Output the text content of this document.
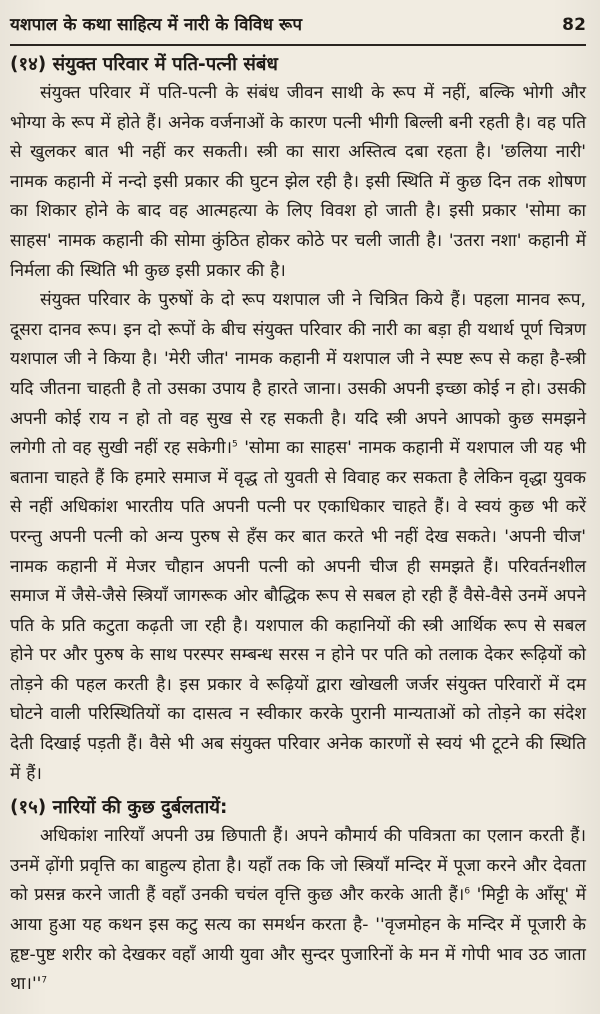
यशपाल के कथा साहित्य में नारी के विविध रूप	82
(१४) संयुक्त परिवार में पति-पत्नी संबंध

संयुक्त परिवार में पति-पत्नी के संबंध जीवन साथी के रूप में नहीं, बल्कि भोगी और भोग्या के रूप में होते हैं। अनेक वर्जनाओं के कारण पत्नी भीगी बिल्ली बनी रहती है। वह पति से खुलकर बात भी नहीं कर सकती। स्त्री का सारा अस्तित्व दबा रहता है। 'छलिया नारी' नामक कहानी में नन्दो इसी प्रकार की घुटन झेल रही है। इसी स्थिति में कुछ दिन तक शोषण का शिकार होने के बाद वह आत्महत्या के लिए विवश हो जाती है। इसी प्रकार 'सोमा का साहस' नामक कहानी की सोमा कुंठित होकर कोठे पर चली जाती है। 'उतरा नशा' कहानी में निर्मला की स्थिति भी कुछ इसी प्रकार की है।

संयुक्त परिवार के पुरुषों के दो रूप यशपाल जी ने चित्रित किये हैं। पहला मानव रूप, दूसरा दानव रूप। इन दो रूपों के बीच संयुक्त परिवार की नारी का बड़ा ही यथार्थ पूर्ण चित्रण यशपाल जी ने किया है। 'मेरी जीत' नामक कहानी में यशपाल जी ने स्पष्ट रूप से कहा है-स्त्री यदि जीतना चाहती है तो उसका उपाय है हारते जाना। उसकी अपनी इच्छा कोई न हो। उसकी अपनी कोई राय न हो तो वह सुख से रह सकती है। यदि स्त्री अपने आपको कुछ समझने लगेगी तो वह सुखी नहीं रह सकेगी।$^5$ 'सोमा का साहस' नामक कहानी में यशपाल जी यह भी बताना चाहते हैं कि हमारे समाज में वृद्ध तो युवती से विवाह कर सकता है लेकिन वृद्धा युवक से नहीं अधिकांश भारतीय पति अपनी पत्नी पर एकाधिकार चाहते हैं। वे स्वयं कुछ भी करें परन्तु अपनी पत्नी को अन्य पुरुष से हँस कर बात करते भी नहीं देख सकते। 'अपनी चीज' नामक कहानी में मेजर चौहान अपनी पत्नी को अपनी चीज ही समझते हैं। परिवर्तनशील समाज में जैसे-जैसे स्त्रियाँ जागरूक ओर बौद्धिक रूप से सबल हो रही हैं वैसे-वैसे उनमें अपने पति के प्रति कटुता कढ़ती जा रही है। यशपाल की कहानियों की स्त्री आर्थिक रूप से सबल होने पर और पुरुष के साथ परस्पर सम्बन्ध सरस न होने पर पति को तलाक देकर रूढ़ियों को तोड़ने की पहल करती है। इस प्रकार वे रूढ़ियों द्वारा खोखली जर्जर संयुक्त परिवारों में दम घोटने वाली परिस्थितियों का दासत्व न स्वीकार करके पुरानी मान्यताओं को तोड़ने का संदेश देती दिखाई पड़ती हैं। वैसे भी अब संयुक्त परिवार अनेक कारणों से स्वयं भी टूटने की स्थिति में हैं।

(१५) नारियों की कुछ दुर्बलतायें:

अधिकांश नारियाँ अपनी उम्र छिपाती हैं। अपने कौमार्य की पवित्रता का एलान करती हैं। उनमें ढ़ोंगी प्रवृत्ति का बाहुल्य होता है। यहाँ तक कि जो स्त्रियाँ मन्दिर में पूजा करने और देवता को प्रसन्न करने जाती हैं वहाँ उनकी चचंल वृत्ति कुछ और करके आती हैं।$^6$ 'मिट्टी के आँसू' में आया हुआ यह कथन इस कटु सत्य का समर्थन करता है- ''वृजमोहन के मन्दिर में पूजारी के हृष्ट-पुष्ट शरीर को देखकर वहाँ आयी युवा और सुन्दर पुजारिनों के मन में गोपी भाव उठ जाता $था।''^7$
